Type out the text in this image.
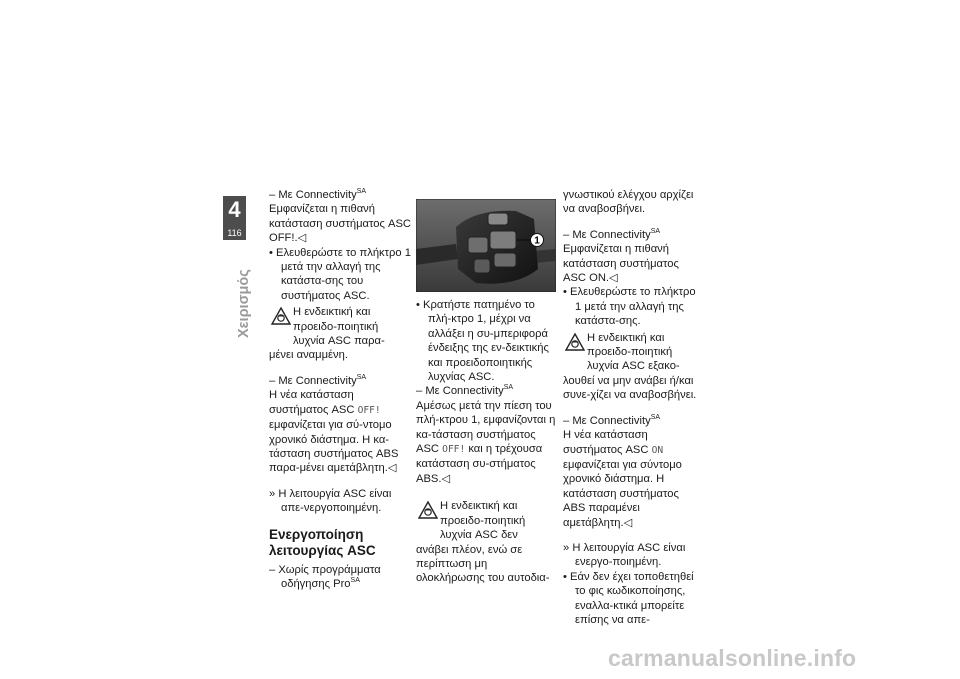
4
116
Χειρισμός

– Με Connectivity$^{SA}$

Εμφανίζεται η πιθανή κατάσταση συστήματος ASC OFF!.◁

• Ελευθερώστε το πλήκτρο 1 μετά την αλλαγή της κατάστα-σης του συστήματος ASC.

Η ενδεικτική και προειδο-ποιητική λυχνία ASC παρα-

μένει αναμμένη.

– Με Connectivity$^{SA}$

Η νέα κατάσταση συστήματος ASC OFF! εμφανίζεται για σύ-ντομο χρονικό διάστημα. Η κα-τάσταση συστήματος ABS παρα-μένει αμετάβλητη.◁

» Η λειτουργία ASC είναι απε-νεργοποιημένη.

Ενεργοποίηση λειτουργίας ASC

– Χωρίς προγράμματα οδήγησης Pro$^{SA}$

1

• Κρατήστε πατημένο το πλή-κτρο 1, μέχρι να αλλάξει η συ-μπεριφορά ένδειξης της εν-δεικτικής και προειδοποιητικής λυχνίας ASC.

– Με Connectivity$^{SA}$

Αμέσως μετά την πίεση του πλή-κτρου 1, εμφανίζονται η κα-τάσταση συστήματος ASC OFF! και η τρέχουσα κατάσταση συ-στήματος ABS.◁

Η ενδεικτική και προειδο-ποιητική λυχνία ASC δεν

ανάβει πλέον, ενώ σε περίπτωση μη ολοκλήρωσης του αυτοδια-

γνωστικού ελέγχου αρχίζει να αναβοσβήνει.

– Με Connectivity$^{SA}$

Εμφανίζεται η πιθανή κατάσταση συστήματος ASC ON.◁

• Ελευθερώστε το πλήκτρο 1 μετά την αλλαγή της κατάστα-σης.

Η ενδεικτική και προειδο-ποιητική λυχνία ASC εξακο-

λουθεί να μην ανάβει ή/και συνε-χίζει να αναβοσβήνει.

– Με Connectivity$^{SA}$

Η νέα κατάσταση συστήματος ASC ON εμφανίζεται για σύντομο χρονικό διάστημα. Η κατάσταση συστήματος ABS παραμένει αμετάβλητη.◁

» Η λειτουργία ASC είναι ενεργο-ποιημένη.

• Εάν δεν έχει τοποθετηθεί το φις κωδικοποίησης, εναλλα-κτικά μπορείτε επίσης να απε-

carmanualsonline.info
